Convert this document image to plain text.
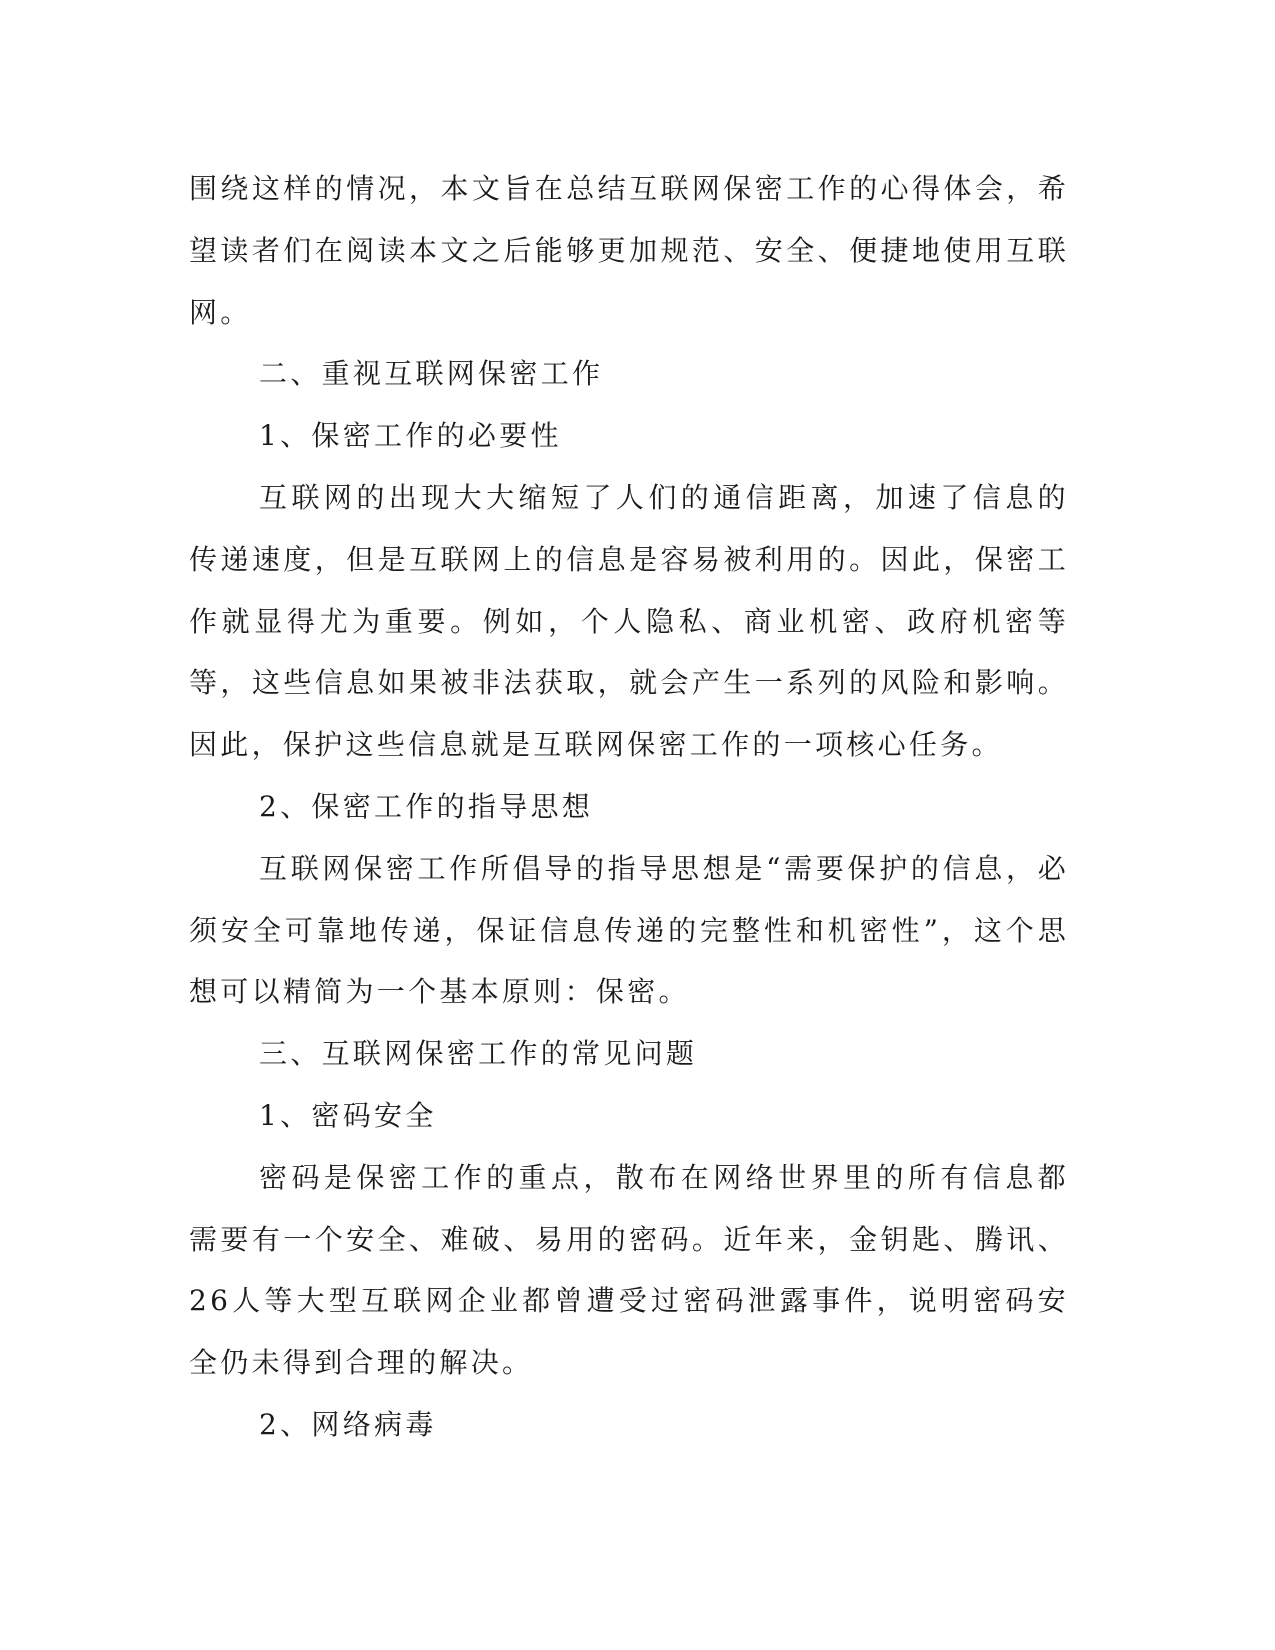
围绕这样的情况，本文旨在总结互联网保密工作的心得体会，希望读者们在阅读本文之后能够更加规范、安全、便捷地使用互联网。

二、重视互联网保密工作

1、保密工作的必要性

互联网的出现大大缩短了人们的通信距离，加速了信息的传递速度，但是互联网上的信息是容易被利用的。因此，保密工作就显得尤为重要。例如，个人隐私、商业机密、政府机密等等，这些信息如果被非法获取，就会产生一系列的风险和影响。因此，保护这些信息就是互联网保密工作的一项核心任务。

2、保密工作的指导思想

互联网保密工作所倡导的指导思想是“需要保护的信息，必须安全可靠地传递，保证信息传递的完整性和机密性”，这个思想可以精简为一个基本原则：保密。

三、互联网保密工作的常见问题

1、密码安全

密码是保密工作的重点，散布在网络世界里的所有信息都需要有一个安全、难破、易用的密码。近年来，金钥匙、腾讯、26人等大型互联网企业都曾遭受过密码泄露事件，说明密码安全仍未得到合理的解决。

2、网络病毒
